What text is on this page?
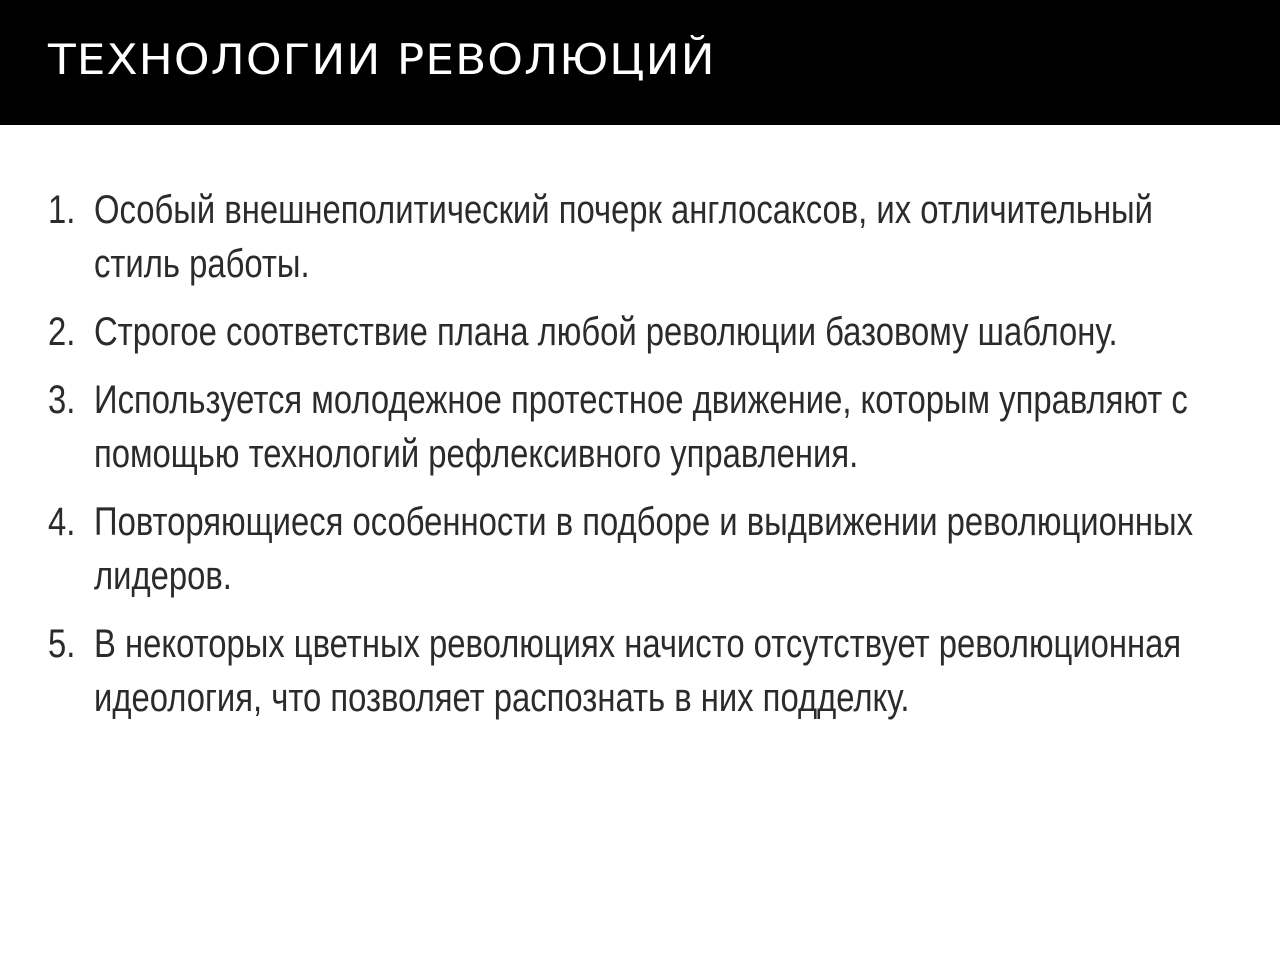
ТЕХНОЛОГИИ РЕВОЛЮЦИЙ
1. Особый внешнеполитический почерк англосаксов, их отличительный стиль работы.
2. Строгое соответствие плана любой революции базовому шаблону.
3. Используется молодежное протестное движение, которым управляют с помощью технологий рефлексивного управления.
4. Повторяющиеся особенности в подборе и выдвижении революционных лидеров.
5. В некоторых цветных революциях начисто отсутствует революционная идеология, что позволяет распознать в них подделку.
